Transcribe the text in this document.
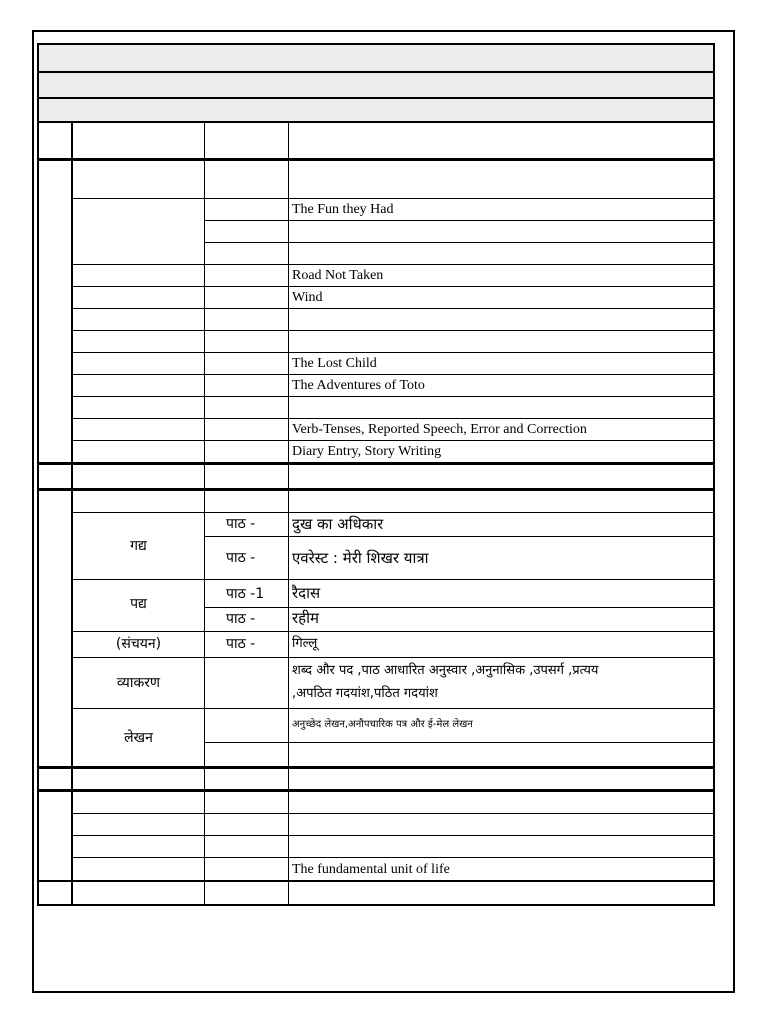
The Fun they Had
Road Not Taken
Wind
The Lost Child
The Adventures of Toto
Verb-Tenses, Reported Speech, Error and Correction
Diary Entry, Story Writing
गद्य
पाठ - दुख का अधिकार
पाठ - एवरेस्ट : मेरी शिखर यात्रा
पद्य
पाठ -1 रैदास
पाठ - रहीम
(संचयन)	पाठ -	गिल्लू
व्याकरण
शब्द और पद ,पाठ आधारित अनुस्वार ,अनुनासिक ,उपसर्ग ,प्रत्यय
,अपठित गदयांश,पठित गदयांश
लेखन
अनुच्छेद लेखन,अनौपचारिक पत्र और ई-मेल लेखन
The fundamental unit of life
